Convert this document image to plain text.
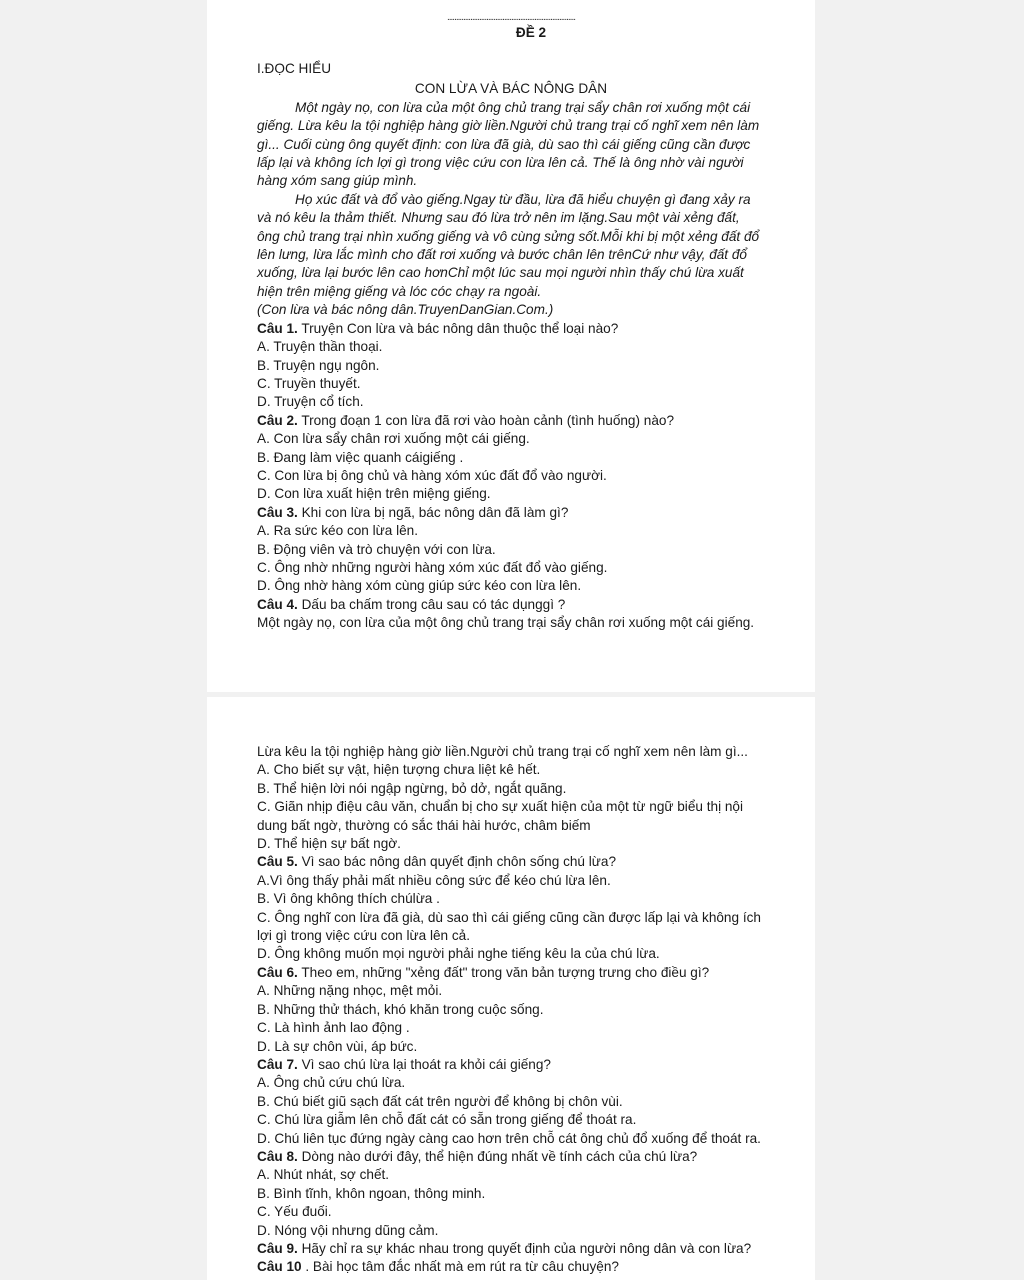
........................................................................
ĐỀ 2
I.ĐỌC HIỂU
CON LỪA VÀ BÁC NÔNG DÂN

Một ngày nọ, con lừa của một ông chủ trang trại sẩy chân rơi xuống một cái giếng. Lừa kêu la tội nghiệp hàng giờ liền.Người chủ trang trại cố nghĩ xem nên làm gì... Cuối cùng ông quyết định: con lừa đã già, dù sao thì cái giếng cũng cần được lấp lại và không ích lợi gì trong việc cứu con lừa lên cả. Thế là ông nhờ vài người hàng xóm sang giúp mình.

Họ xúc đất và đổ vào giếng.Ngay từ đầu, lừa đã hiểu chuyện gì đang xảy ra và nó kêu la thảm thiết. Nhưng sau đó lừa trở nên im lặng.Sau một vài xẻng đất, ông chủ trang trại nhìn xuống giếng và vô cùng sửng sốt.Mỗi khi bị một xẻng đất đổ lên lưng, lừa lắc mình cho đất rơi xuống và bước chân lên trênCứ như vậy, đất đổ xuống, lừa lại bước lên cao hơnChỉ một lúc sau mọi người nhìn thấy chú lừa xuất hiện trên miệng giếng và lóc cóc chạy ra ngoài.

(Con lừa và bác nông dân.TruyenDanGian.Com.)

Câu 1. Truyện Con lừa và bác nông dân thuộc thể loại nào?

A. Truyện thần thoại.

B. Truyện ngụ ngôn.

C. Truyền thuyết.

D. Truyện cổ tích.

Câu 2. Trong đoạn 1 con lừa đã rơi vào hoàn cảnh (tình huống) nào?

A. Con lừa sẩy chân rơi xuống một cái giếng.

B. Đang làm việc quanh cáigiếng .

C. Con lừa bị ông chủ và hàng xóm xúc đất đổ vào người.

D. Con lừa xuất hiện trên miệng giếng.

Câu 3. Khi con lừa bị ngã, bác nông dân đã làm gì?

A. Ra sức kéo con lừa lên.

B. Động viên và trò chuyện với con lừa.

C. Ông nhờ những người hàng xóm xúc đất đổ vào giếng.

D. Ông nhờ hàng xóm cùng giúp sức kéo con lừa lên.

Câu 4. Dấu ba chấm trong câu sau có tác dụnggì ?

Một ngày nọ, con lừa của một ông chủ trang trại sẩy chân rơi xuống một cái giếng.

Lừa kêu la tội nghiệp hàng giờ liền.Người chủ trang trại cố nghĩ xem nên làm gì...

A. Cho biết sự vật, hiện tượng chưa liệt kê hết.

B. Thể hiện lời nói ngập ngừng, bỏ dở, ngắt quãng.

C. Giãn nhịp điệu câu văn, chuẩn bị cho sự xuất hiện của một từ ngữ biểu thị nội dung bất ngờ, thường có sắc thái hài hước, châm biếm

D. Thể hiện sự bất ngờ.

Câu 5. Vì sao bác nông dân quyết định chôn sống chú lừa?

A.Vì ông thấy phải mất nhiều công sức để kéo chú lừa lên.

B. Vì ông không thích chúlừa .

C. Ông nghĩ con lừa đã già, dù sao thì cái giếng cũng cần được lấp lại và không ích lợi gì trong việc cứu con lừa lên cả.

D. Ông không muốn mọi người phải nghe tiếng kêu la của chú lừa.

Câu 6. Theo em, những "xẻng đất" trong văn bản tượng trưng cho điều gì?

A. Những nặng nhọc, mệt mỏi.

B. Những thử thách, khó khăn trong cuộc sống.

C. Là hình ảnh lao động .

D. Là sự chôn vùi, áp bức.

Câu 7. Vì sao chú lừa lại thoát ra khỏi cái giếng?

A. Ông chủ cứu chú lừa.

B. Chú biết giũ sạch đất cát trên người để không bị chôn vùi.

C. Chú lừa giẫm lên chỗ đất cát có sẵn trong giếng để thoát ra.

D. Chú liên tục đứng ngày càng cao hơn trên chỗ cát ông chủ đổ xuống để thoát ra.

Câu 8. Dòng nào dưới đây, thể hiện đúng nhất về tính cách của chú lừa?

A. Nhút nhát, sợ chết.

B. Bình tĩnh, khôn ngoan, thông minh.

C. Yếu đuối.

D. Nóng vội nhưng dũng cảm.

Câu 9. Hãy chỉ ra sự khác nhau trong quyết định của người nông dân và con lừa?

Câu 10 . Bài học tâm đắc nhất mà em rút ra từ câu chuyện?
